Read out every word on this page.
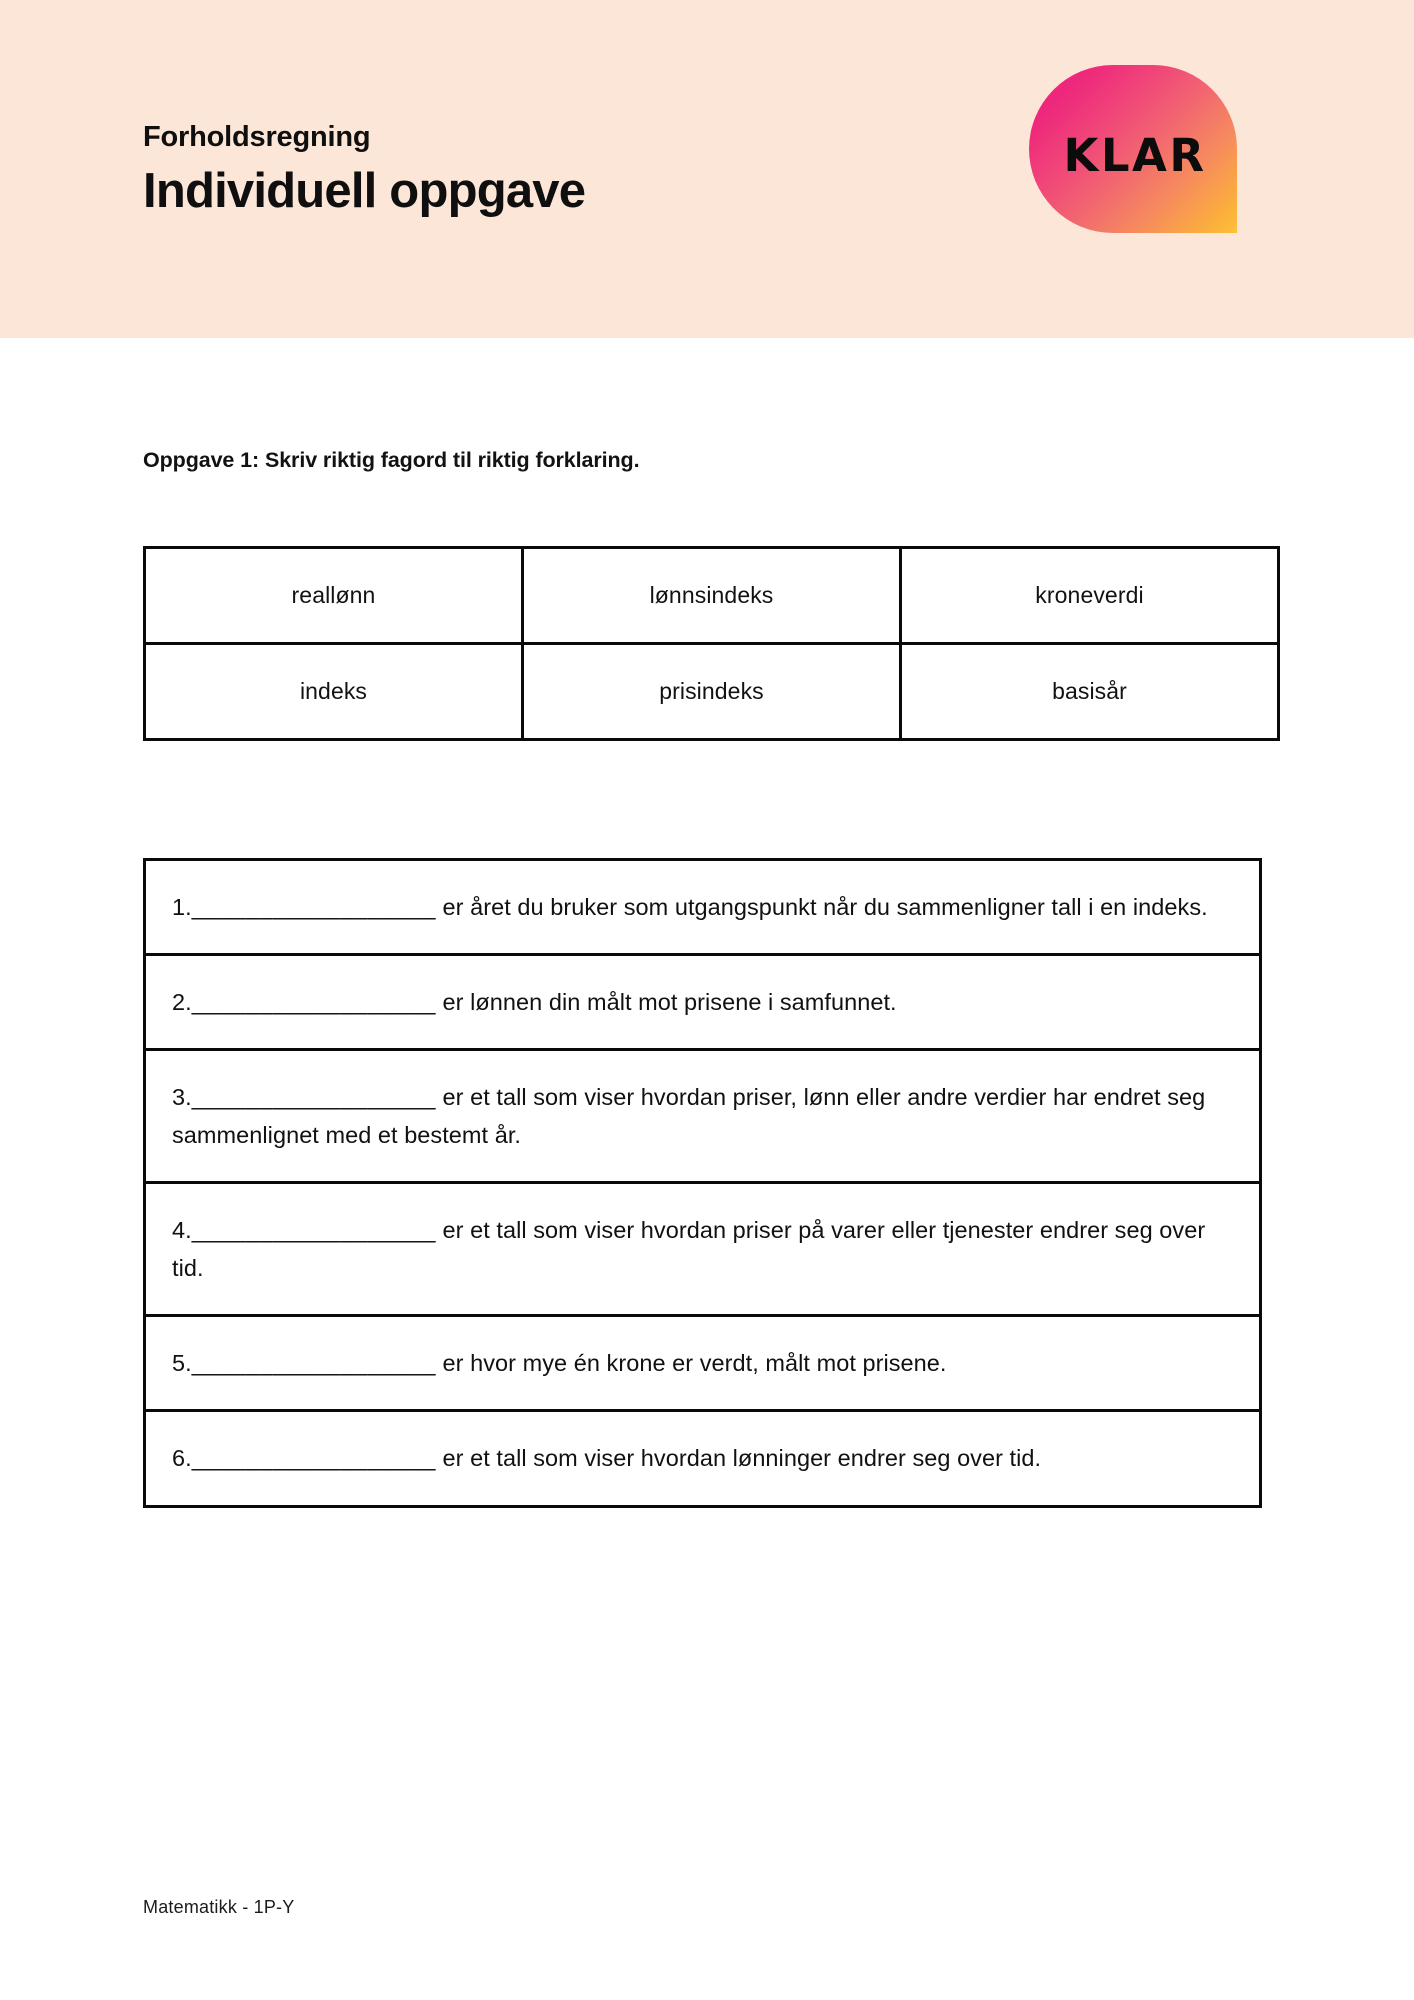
Forholdsregning
Individuell oppgave
KLAR
Oppgave 1: Skriv riktig fagord til riktig forklaring.
reallønn	lønnsindeks	kroneverdi
indeks	prisindeks	basisår
1.__________________ er året du bruker som utgangspunkt når du sammenligner tall i en indeks.
2.__________________ er lønnen din målt mot prisene i samfunnet.
3.__________________ er et tall som viser hvordan priser, lønn eller andre verdier har endret seg sammenlignet med et bestemt år.
4.__________________ er et tall som viser hvordan priser på varer eller tjenester endrer seg over tid.
5.__________________ er hvor mye én krone er verdt, målt mot prisene.
6.__________________ er et tall som viser hvordan lønninger endrer seg over tid.
Matematikk - 1P-Y
